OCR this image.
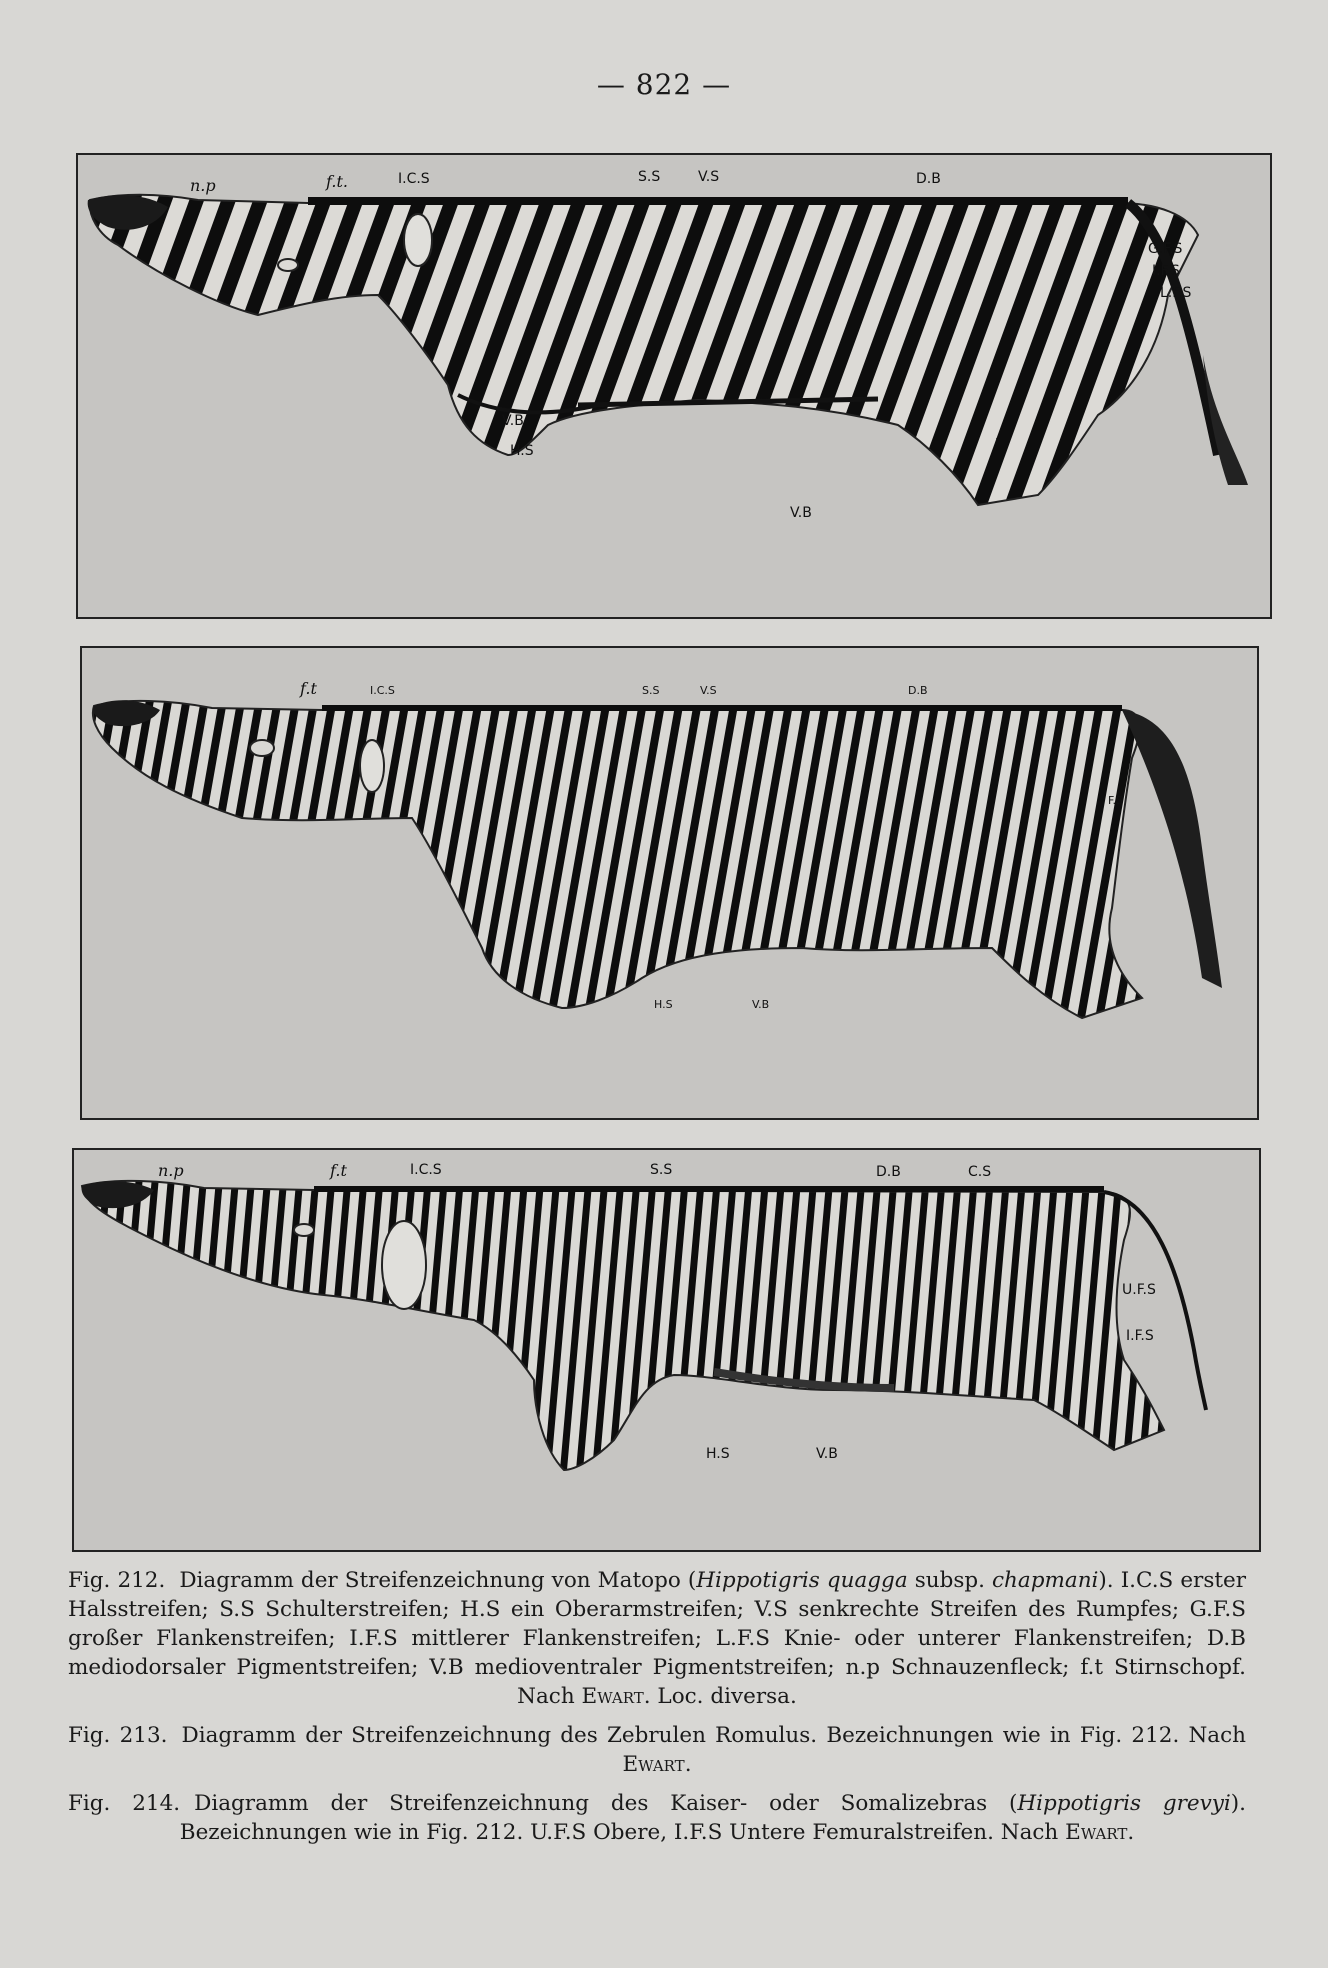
— 822 —
n.p	f.t.	I.C.S	S.S	V.S	D.B
G.F.S
I.F.S
L.F.S
V.B
H.S
V.B
f.t	I.C.S	S.S	V.S	D.B
F.S
H.S	V.B
n.p	f.t	I.C.S	S.S	D.B	C.S
U.F.S
I.F.S
H.S	V.B

Fig. 212. Diagramm der Streifenzeichnung von Matopo (Hippotigris quagga subsp. chapmani). I.C.S erster Halsstreifen; S.S Schulterstreifen; H.S ein Oberarmstreifen; V.S senkrechte Streifen des Rumpfes; G.F.S großer Flankenstreifen; I.F.S mittlerer Flankenstreifen; L.F.S Knie- oder unterer Flankenstreifen; D.B mediodorsaler Pigmentstreifen; V.B medioventraler Pigmentstreifen; n.p Schnauzenfleck; f.t Stirnschopf. Nach Ewart. Loc. diversa.

Fig. 213. Diagramm der Streifenzeichnung des Zebrulen Romulus. Bezeichnungen wie in Fig. 212. Nach Ewart.

Fig. 214. Diagramm der Streifenzeichnung des Kaiser- oder Somalizebras (Hippotigris grevyi). Bezeichnungen wie in Fig. 212. U.F.S Obere, I.F.S Untere Femuralstreifen. Nach Ewart.
